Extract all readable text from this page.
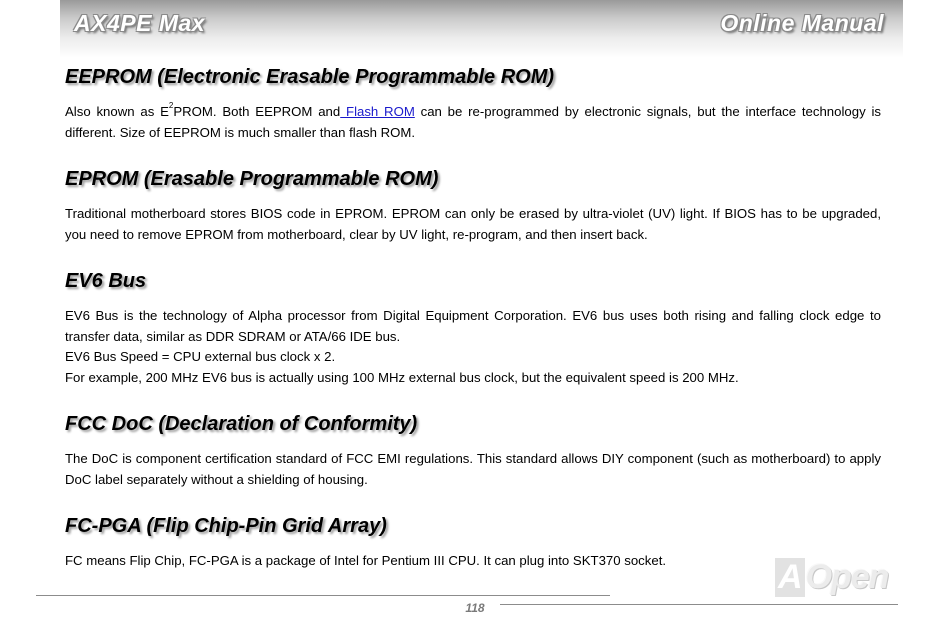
AX4PE Max	Online Manual
EEPROM (Electronic Erasable Programmable ROM)

Also known as $E^2PROM$. Both EEPROM and Flash ROM can be re-programmed by electronic signals, but the interface technology is different. Size of EEPROM is much smaller than flash ROM.

EPROM (Erasable Programmable ROM)

Traditional motherboard stores BIOS code in EPROM. EPROM can only be erased by ultra-violet (UV) light. If BIOS has to be upgraded, you need to remove EPROM from motherboard, clear by UV light, re-program, and then insert back.

EV6 Bus

EV6 Bus is the technology of Alpha processor from Digital Equipment Corporation. EV6 bus uses both rising and falling clock edge to transfer data, similar as DDR SDRAM or ATA/66 IDE bus.

EV6 Bus Speed = CPU external bus clock x 2.

For example, 200 MHz EV6 bus is actually using 100 MHz external bus clock, but the equivalent speed is 200 MHz.

FCC DoC (Declaration of Conformity)

The DoC is component certification standard of FCC EMI regulations. This standard allows DIY component (such as motherboard) to apply DoC label separately without a shielding of housing.

FC-PGA (Flip Chip-Pin Grid Array)

FC means Flip Chip, FC-PGA is a package of Intel for Pentium III CPU. It can plug into SKT370 socket.	A Open
118
